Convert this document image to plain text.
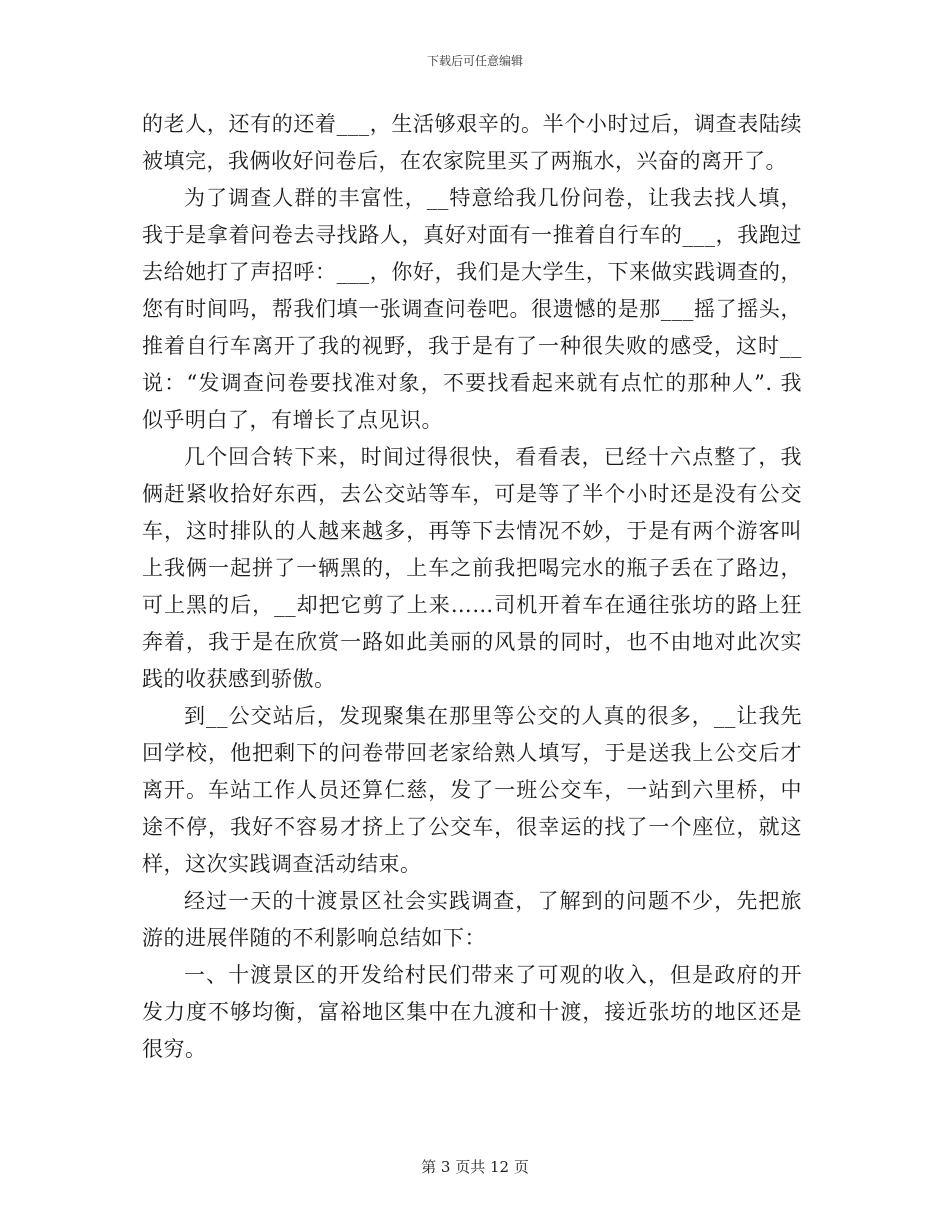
下载后可任意编辑

的老人，还有的还着___，生活够艰辛的。半个小时过后，调查表陆续被填完，我俩收好问卷后，在农家院里买了两瓶水，兴奋的离开了。

为了调查人群的丰富性，__特意给我几份问卷，让我去找人填，我于是拿着问卷去寻找路人，真好对面有一推着自行车的___，我跑过去给她打了声招呼：___，你好，我们是大学生，下来做实践调查的，您有时间吗，帮我们填一张调查问卷吧。很遗憾的是那___摇了摇头，推着自行车离开了我的视野，我于是有了一种很失败的感受，这时__说：“发调查问卷要找准对象，不要找看起来就有点忙的那种人”. 我似乎明白了，有增长了点见识。

几个回合转下来，时间过得很快，看看表，已经十六点整了，我俩赶紧收拾好东西，去公交站等车，可是等了半个小时还是没有公交车，这时排队的人越来越多，再等下去情况不妙，于是有两个游客叫上我俩一起拼了一辆黑的，上车之前我把喝完水的瓶子丢在了路边，可上黑的后，__却把它剪了上来……司机开着车在通往张坊的路上狂奔着，我于是在欣赏一路如此美丽的风景的同时，也不由地对此次实践的收获感到骄傲。

到__公交站后，发现聚集在那里等公交的人真的很多，__让我先回学校，他把剩下的问卷带回老家给熟人填写，于是送我上公交后才离开。车站工作人员还算仁慈，发了一班公交车，一站到六里桥，中途不停，我好不容易才挤上了公交车，很幸运的找了一个座位，就这样，这次实践调查活动结束。

经过一天的十渡景区社会实践调查，了解到的问题不少，先把旅游的进展伴随的不利影响总结如下：

一、十渡景区的开发给村民们带来了可观的收入，但是政府的开发力度不够均衡，富裕地区集中在九渡和十渡，接近张坊的地区还是很穷。

第 3 页共 12 页
